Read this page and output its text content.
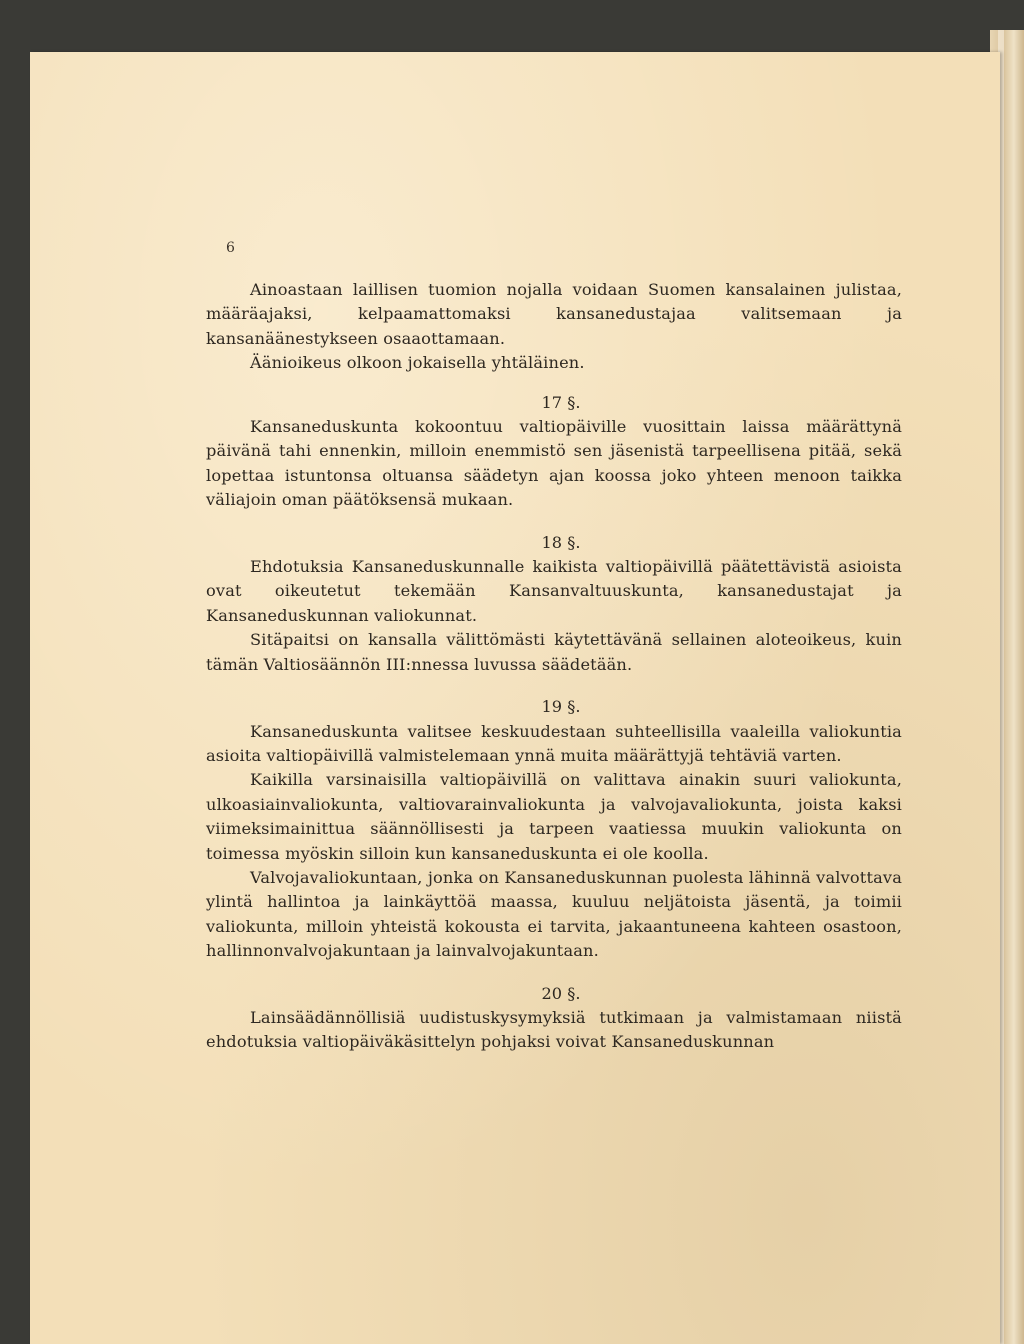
6

Ainoastaan laillisen tuomion nojalla voidaan Suomen kansalainen julistaa, määräajaksi, kelpaamattomaksi kansanedustajaa valitsemaan ja kansanäänestykseen osaaottamaan.

Äänioikeus olkoon jokaisella yhtäläinen.

17 §.

Kansaneduskunta kokoontuu valtiopäiville vuosittain laissa määrättynä päivänä tahi ennenkin, milloin enemmistö sen jäsenistä tarpeellisena pitää, sekä lopettaa istuntonsa oltuansa säädetyn ajan koossa joko yhteen menoon taikka väliajoin oman päätöksensä mukaan.

18 §.

Ehdotuksia Kansaneduskunnalle kaikista valtiopäivillä päätettävistä asioista ovat oikeutetut tekemään Kansanvaltuuskunta, kansanedustajat ja Kansaneduskunnan valiokunnat.

Sitäpaitsi on kansalla välittömästi käytettävänä sellainen aloteoikeus, kuin tämän Valtiosäännön III:nnessa luvussa säädetään.

19 §.

Kansaneduskunta valitsee keskuudestaan suhteellisilla vaaleilla valiokuntia asioita valtiopäivillä valmistelemaan ynnä muita määrättyjä tehtäviä varten.

Kaikilla varsinaisilla valtiopäivillä on valittava ainakin suuri valiokunta, ulkoasiainvaliokunta, valtiovarainvaliokunta ja valvojavaliokunta, joista kaksi viimeksimainittua säännöllisesti ja tarpeen vaatiessa muukin valiokunta on toimessa myöskin silloin kun kansaneduskunta ei ole koolla.

Valvojavaliokuntaan, jonka on Kansaneduskunnan puolesta lähinnä valvottava ylintä hallintoa ja lainkäyttöä maassa, kuuluu neljätoista jäsentä, ja toimii valiokunta, milloin yhteistä kokousta ei tarvita, jakaantuneena kahteen osastoon, hallinnonvalvojakuntaan ja lainvalvojakuntaan.

20 §.

Lainsäädännöllisiä uudistuskysymyksiä tutkimaan ja valmistamaan niistä ehdotuksia valtiopäiväkäsittelyn pohjaksi voivat Kansaneduskunnan
